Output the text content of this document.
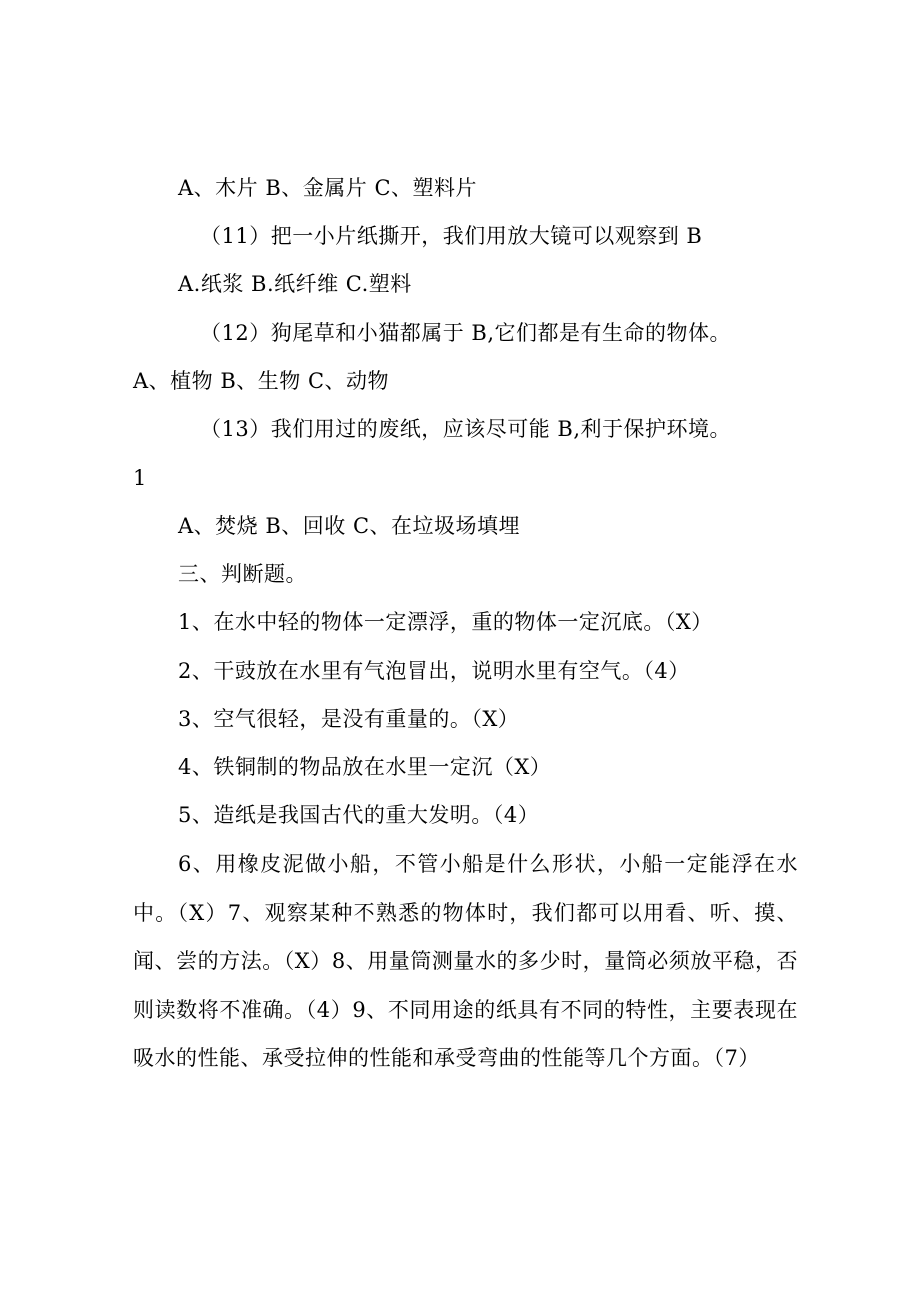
A、木片 B、金属片 C、塑料片
（11）把一小片纸撕开，我们用放大镜可以观察到 B
A.纸浆 B.纸纤维 C.塑料
（12）狗尾草和小猫都属于 B,它们都是有生命的物体。
A、植物 B、生物 C、动物
（13）我们用过的废纸，应该尽可能 B,利于保护环境。
1
A、焚烧 B、回收 C、在垃圾场填埋
三、判断题。
1、在水中轻的物体一定漂浮，重的物体一定沉底。（X）
2、干豉放在水里有气泡冒出，说明水里有空气。（4）
3、空气很轻，是没有重量的。（X）
4、铁铜制的物品放在水里一定沉（X）
5、造纸是我国古代的重大发明。（4）
6、用橡皮泥做小船，不管小船是什么形状，小船一定能浮在水中。（X）7、观察某种不熟悉的物体时，我们都可以用看、听、摸、闻、尝的方法。（X）8、用量筒测量水的多少时，量筒必须放平稳，否则读数将不准确。（4）9、不同用途的纸具有不同的特性，主要表现在吸水的性能、承受拉伸的性能和承受弯曲的性能等几个方面。（7）
